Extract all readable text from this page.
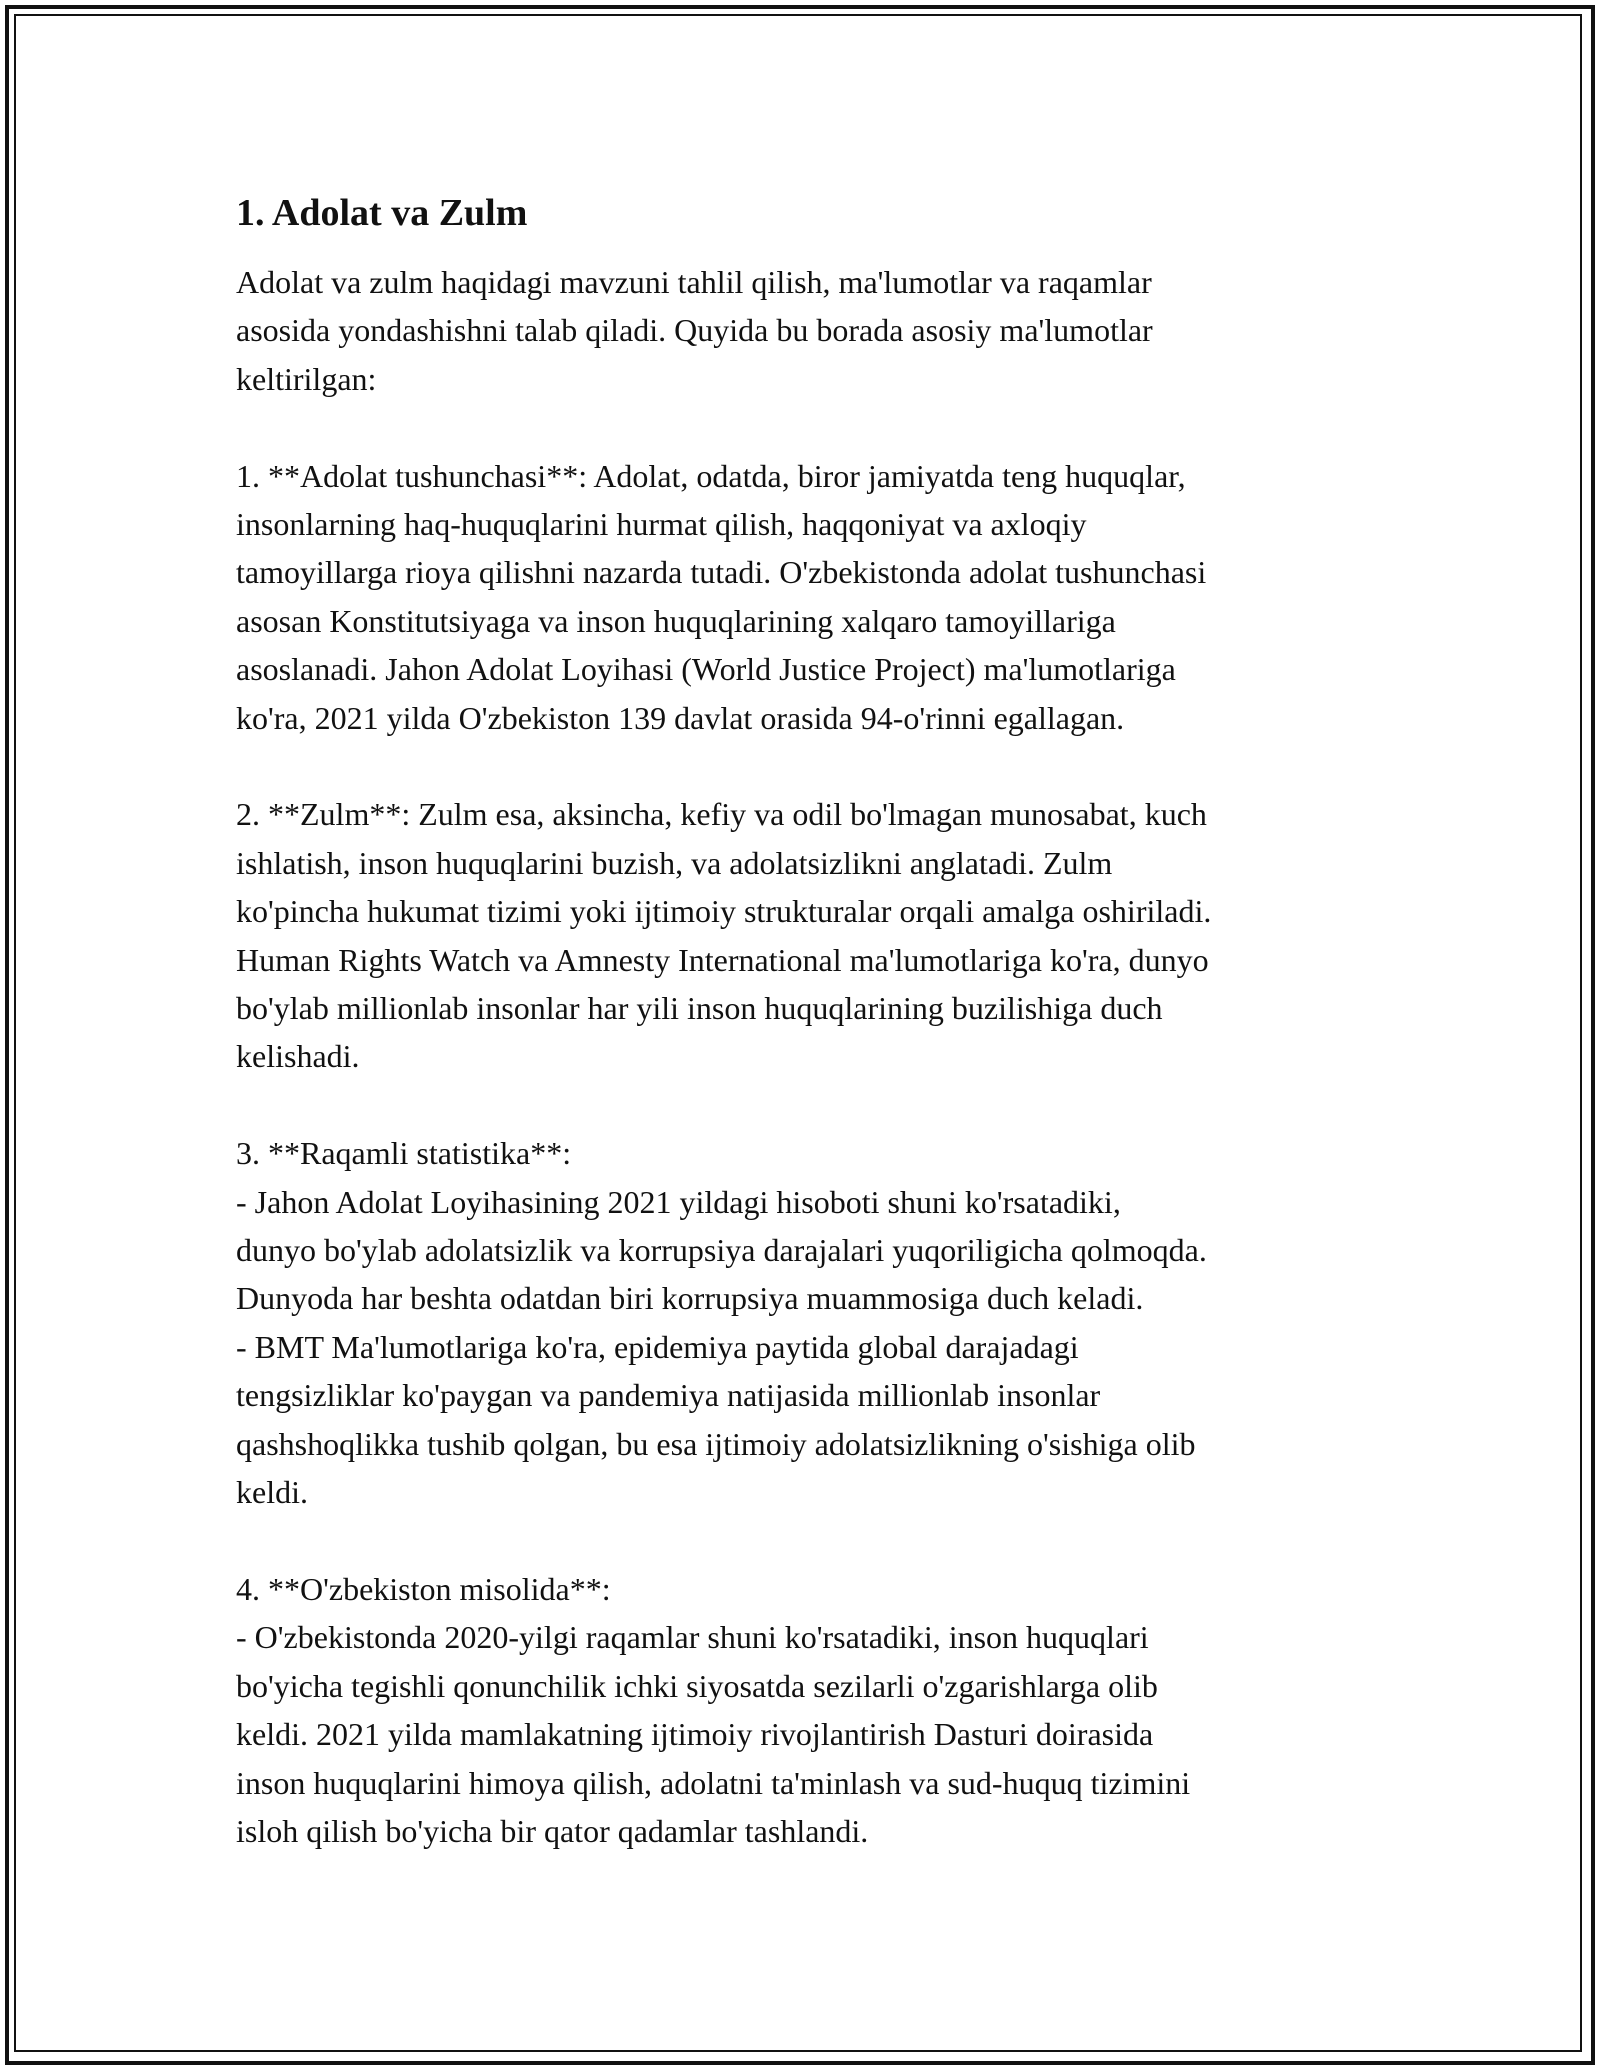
1. Adolat va Zulm

Adolat va zulm haqidagi mavzuni tahlil qilish, ma'lumotlar va raqamlar
asosida yondashishni talab qiladi. Quyida bu borada asosiy ma'lumotlar
keltirilgan:

1. **Adolat tushunchasi**: Adolat, odatda, biror jamiyatda teng huquqlar,
insonlarning haq-huquqlarini hurmat qilish, haqqoniyat va axloqiy
tamoyillarga rioya qilishni nazarda tutadi. O'zbekistonda adolat tushunchasi
asosan Konstitutsiyaga va inson huquqlarining xalqaro tamoyillariga
asoslanadi. Jahon Adolat Loyihasi (World Justice Project) ma'lumotlariga
ko'ra, 2021 yilda O'zbekiston 139 davlat orasida 94-o'rinni egallagan.

2. **Zulm**: Zulm esa, aksincha, kefiy va odil bo'lmagan munosabat, kuch
ishlatish, inson huquqlarini buzish, va adolatsizlikni anglatadi. Zulm
ko'pincha hukumat tizimi yoki ijtimoiy strukturalar orqali amalga oshiriladi.
Human Rights Watch va Amnesty International ma'lumotlariga ko'ra, dunyo
bo'ylab millionlab insonlar har yili inson huquqlarining buzilishiga duch
kelishadi.

3. **Raqamli statistika**:
- Jahon Adolat Loyihasining 2021 yildagi hisoboti shuni ko'rsatadiki,
dunyo bo'ylab adolatsizlik va korrupsiya darajalari yuqoriligicha qolmoqda.
Dunyoda har beshta odatdan biri korrupsiya muammosiga duch keladi.
- BMT Ma'lumotlariga ko'ra, epidemiya paytida global darajadagi
tengsizliklar ko'paygan va pandemiya natijasida millionlab insonlar
qashshoqlikka tushib qolgan, bu esa ijtimoiy adolatsizlikning o'sishiga olib
keldi.

4. **O'zbekiston misolida**:
- O'zbekistonda 2020-yilgi raqamlar shuni ko'rsatadiki, inson huquqlari
bo'yicha tegishli qonunchilik ichki siyosatda sezilarli o'zgarishlarga olib
keldi. 2021 yilda mamlakatning ijtimoiy rivojlantirish Dasturi doirasida
inson huquqlarini himoya qilish, adolatni ta'minlash va sud-huquq tizimini
isloh qilish bo'yicha bir qator qadamlar tashlandi.
